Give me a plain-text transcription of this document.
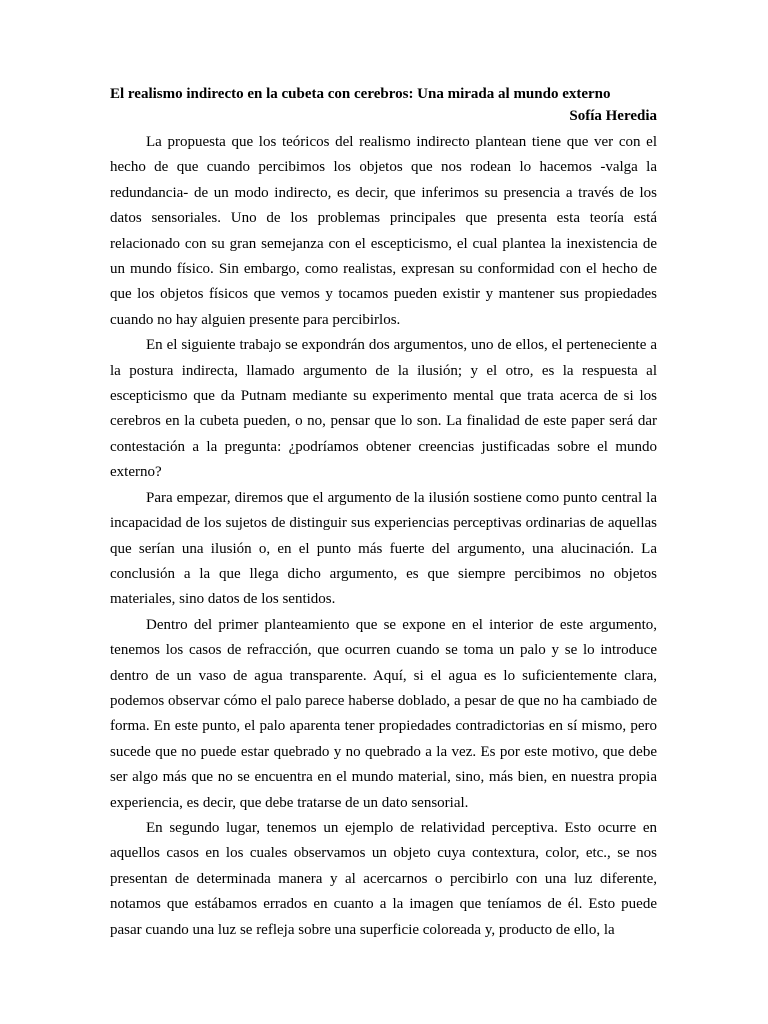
El realismo indirecto en la cubeta con cerebros: Una mirada al mundo externo

Sofía Heredia

La propuesta que los teóricos del realismo indirecto plantean tiene que ver con el hecho de que cuando percibimos los objetos que nos rodean lo hacemos -valga la redundancia- de un modo indirecto, es decir, que inferimos su presencia a través de los datos sensoriales. Uno de los problemas principales que presenta esta teoría está relacionado con su gran semejanza con el escepticismo, el cual plantea la inexistencia de un mundo físico. Sin embargo, como realistas, expresan su conformidad con el hecho de que los objetos físicos que vemos y tocamos pueden existir y mantener sus propiedades cuando no hay alguien presente para percibirlos.

En el siguiente trabajo se expondrán dos argumentos, uno de ellos, el perteneciente a la postura indirecta, llamado argumento de la ilusión; y el otro, es la respuesta al escepticismo que da Putnam mediante su experimento mental que trata acerca de si los cerebros en la cubeta pueden, o no, pensar que lo son. La finalidad de este paper será dar contestación a la pregunta: ¿podríamos obtener creencias justificadas sobre el mundo externo?

Para empezar, diremos que el argumento de la ilusión sostiene como punto central la incapacidad de los sujetos de distinguir sus experiencias perceptivas ordinarias de aquellas que serían una ilusión o, en el punto más fuerte del argumento, una alucinación. La conclusión a la que llega dicho argumento, es que siempre percibimos no objetos materiales, sino datos de los sentidos.

Dentro del primer planteamiento que se expone en el interior de este argumento, tenemos los casos de refracción, que ocurren cuando se toma un palo y se lo introduce dentro de un vaso de agua transparente. Aquí, si el agua es lo suficientemente clara, podemos observar cómo el palo parece haberse doblado, a pesar de que no ha cambiado de forma. En este punto, el palo aparenta tener propiedades contradictorias en sí mismo, pero sucede que no puede estar quebrado y no quebrado a la vez. Es por este motivo, que debe ser algo más que no se encuentra en el mundo material, sino, más bien, en nuestra propia experiencia, es decir, que debe tratarse de un dato sensorial.

En segundo lugar, tenemos un ejemplo de relatividad perceptiva. Esto ocurre en aquellos casos en los cuales observamos un objeto cuya contextura, color, etc., se nos presentan de determinada manera y al acercarnos o percibirlo con una luz diferente, notamos que estábamos errados en cuanto a la imagen que teníamos de él. Esto puede pasar cuando una luz se refleja sobre una superficie coloreada y, producto de ello, la
